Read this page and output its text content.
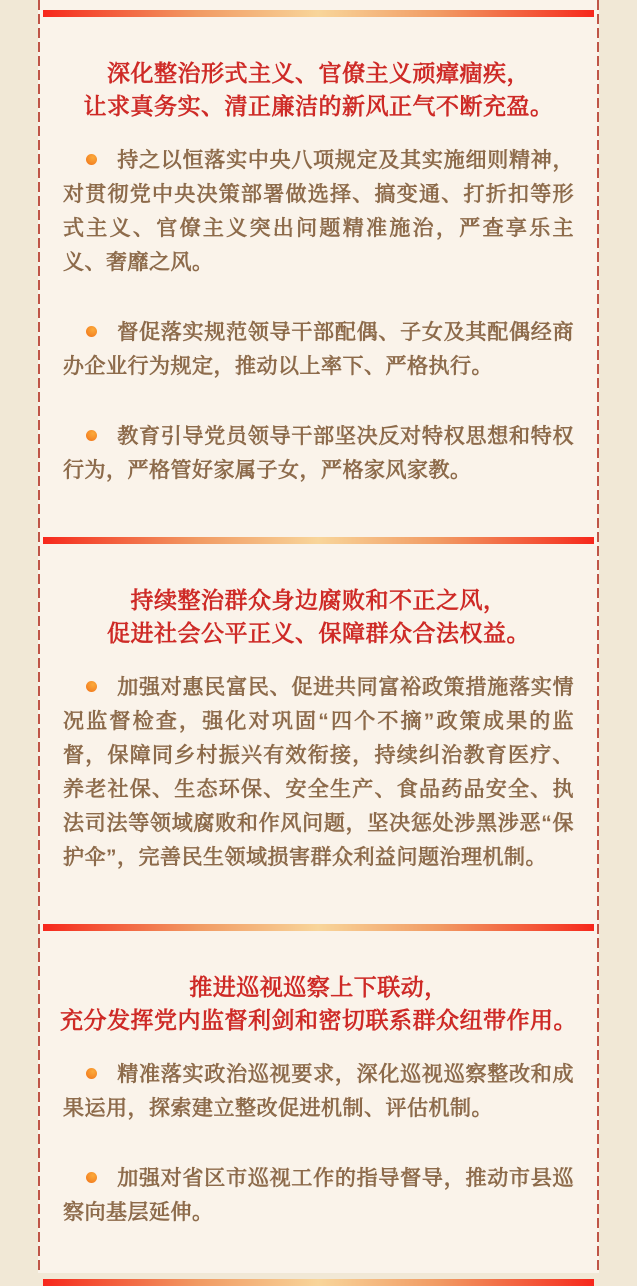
深化整治形式主义、官僚主义顽瘴痼疾，
让求真务实、清正廉洁的新风正气不断充盈。

持之以恒落实中央八项规定及其实施细则精神，对贯彻党中央决策部署做选择、搞变通、打折扣等形式主义、官僚主义突出问题精准施治，严查享乐主义、奢靡之风。

督促落实规范领导干部配偶、子女及其配偶经商办企业行为规定，推动以上率下、严格执行。

教育引导党员领导干部坚决反对特权思想和特权行为，严格管好家属子女，严格家风家教。

持续整治群众身边腐败和不正之风，
促进社会公平正义、保障群众合法权益。

加强对惠民富民、促进共同富裕政策措施落实情况监督检查，强化对巩固“四个不摘”政策成果的监督，保障同乡村振兴有效衔接，持续纠治教育医疗、养老社保、生态环保、安全生产、食品药品安全、执法司法等领域腐败和作风问题，坚决惩处涉黑涉恶“保护伞”，完善民生领域损害群众利益问题治理机制。

推进巡视巡察上下联动，
充分发挥党内监督利剑和密切联系群众纽带作用。

精准落实政治巡视要求，深化巡视巡察整改和成果运用，探索建立整改促进机制、评估机制。

加强对省区市巡视工作的指导督导，推动市县巡察向基层延伸。
